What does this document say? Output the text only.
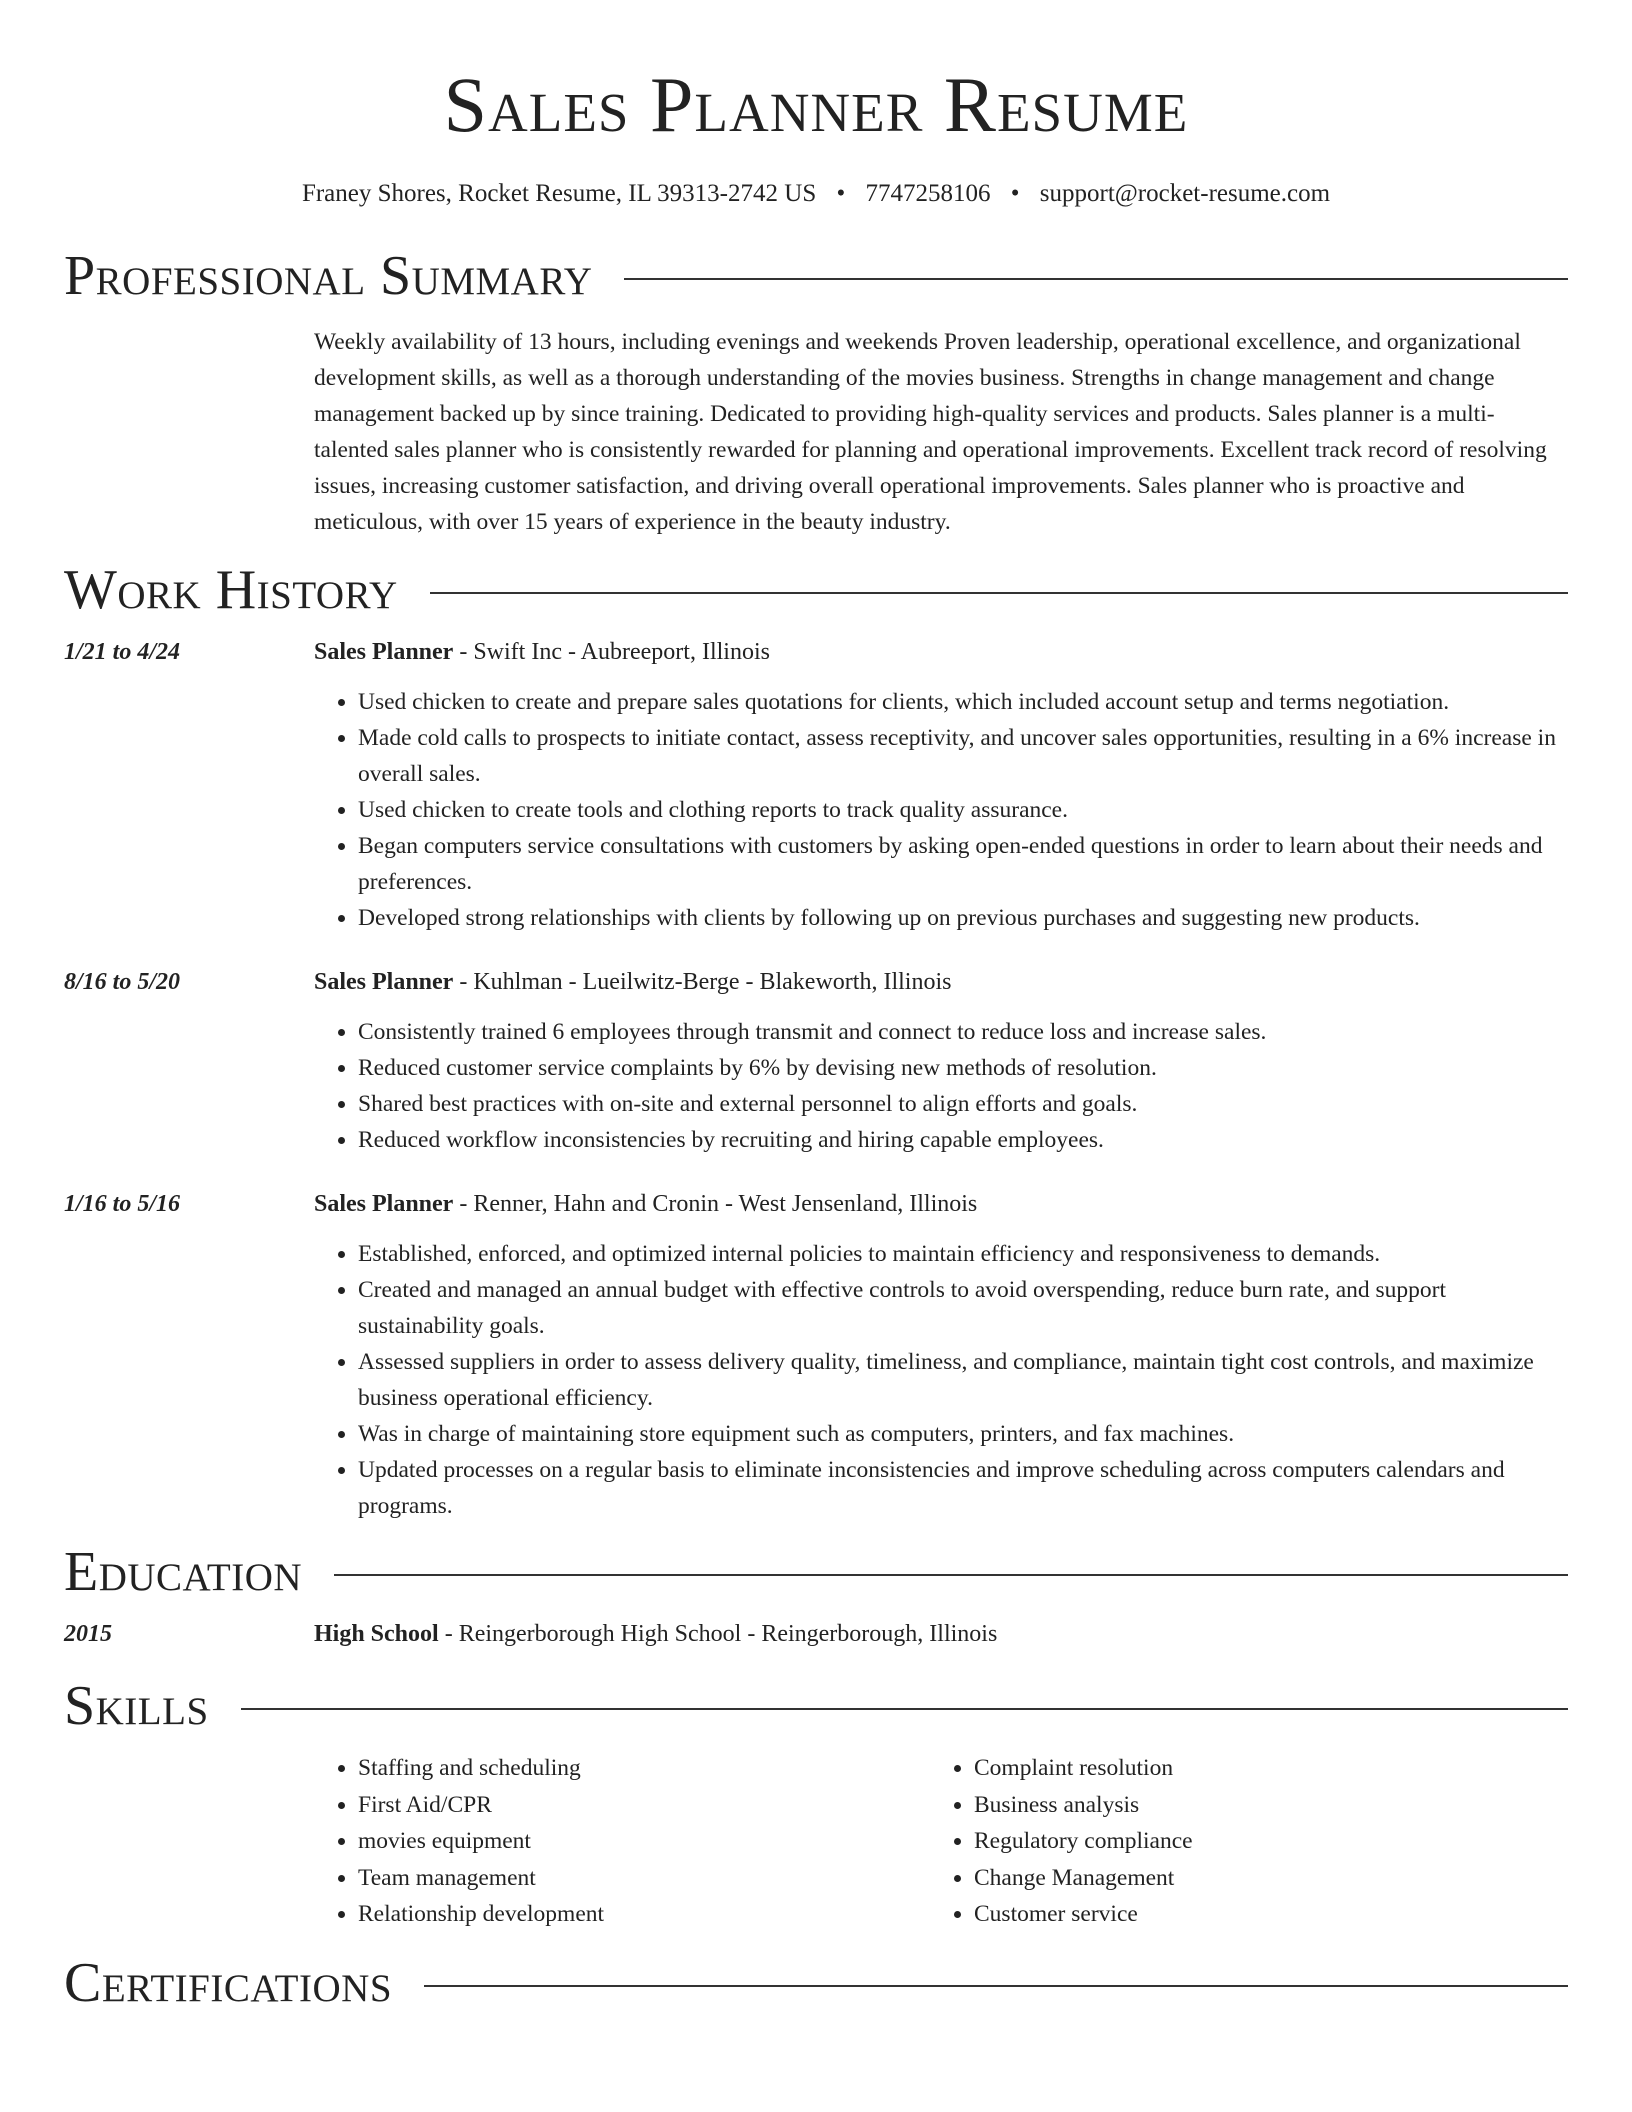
Sales Planner Resume
Franey Shores, Rocket Resume, IL 39313-2742 US • 7747258106 • support@rocket-resume.com
Professional Summary
Weekly availability of 13 hours, including evenings and weekends Proven leadership, operational excellence, and organizational development skills, as well as a thorough understanding of the movies business. Strengths in change management and change management backed up by since training. Dedicated to providing high-quality services and products. Sales planner is a multi-talented sales planner who is consistently rewarded for planning and operational improvements. Excellent track record of resolving issues, increasing customer satisfaction, and driving overall operational improvements. Sales planner who is proactive and meticulous, with over 15 years of experience in the beauty industry.
Work History
1/21 to 4/24	Sales Planner - Swift Inc - Aubreeport, Illinois
• Used chicken to create and prepare sales quotations for clients, which included account setup and terms negotiation.
• Made cold calls to prospects to initiate contact, assess receptivity, and uncover sales opportunities, resulting in a 6% increase in overall sales.
• Used chicken to create tools and clothing reports to track quality assurance.
• Began computers service consultations with customers by asking open-ended questions in order to learn about their needs and preferences.
• Developed strong relationships with clients by following up on previous purchases and suggesting new products.
8/16 to 5/20	Sales Planner - Kuhlman - Lueilwitz-Berge - Blakeworth, Illinois
• Consistently trained 6 employees through transmit and connect to reduce loss and increase sales.
• Reduced customer service complaints by 6% by devising new methods of resolution.
• Shared best practices with on-site and external personnel to align efforts and goals.
• Reduced workflow inconsistencies by recruiting and hiring capable employees.
1/16 to 5/16	Sales Planner - Renner, Hahn and Cronin - West Jensenland, Illinois
• Established, enforced, and optimized internal policies to maintain efficiency and responsiveness to demands.
• Created and managed an annual budget with effective controls to avoid overspending, reduce burn rate, and support sustainability goals.
• Assessed suppliers in order to assess delivery quality, timeliness, and compliance, maintain tight cost controls, and maximize business operational efficiency.
• Was in charge of maintaining store equipment such as computers, printers, and fax machines.
• Updated processes on a regular basis to eliminate inconsistencies and improve scheduling across computers calendars and programs.
Education
2015	High School - Reingerborough High School - Reingerborough, Illinois
Skills
• Staffing and scheduling
• First Aid/CPR
• movies equipment
• Team management
• Relationship development
• Complaint resolution
• Business analysis
• Regulatory compliance
• Change Management
• Customer service
Certifications
